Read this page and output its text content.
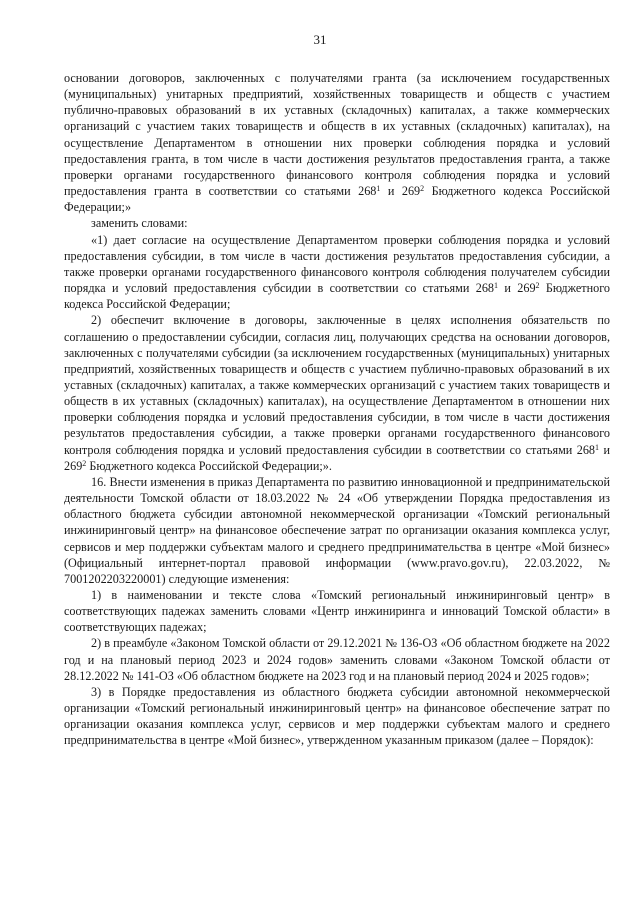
31

основании договоров, заключенных с получателями гранта (за исключением государственных (муниципальных) унитарных предприятий, хозяйственных товариществ и обществ с участием публично-правовых образований в их уставных (складочных) капиталах, а также коммерческих организаций с участием таких товариществ и обществ в их уставных (складочных) капиталах), на осуществление Департаментом в отношении них проверки соблюдения порядка и условий предоставления гранта, в том числе в части достижения результатов предоставления гранта, а также проверки органами государственного финансового контроля соблюдения порядка и условий предоставления гранта в соответствии со статьями $268^1$ и $269^2$ Бюджетного кодекса Российской Федерации;»

заменить словами:

«1) дает согласие на осуществление Департаментом проверки соблюдения порядка и условий предоставления субсидии, в том числе в части достижения результатов предоставления субсидии, а также проверки органами государственного финансового контроля соблюдения получателем субсидии порядка и условий предоставления субсидии в соответствии со статьями $268^1$ и $269^2$ Бюджетного кодекса Российской Федерации;

2) обеспечит включение в договоры, заключенные в целях исполнения обязательств по соглашению о предоставлении субсидии, согласия лиц, получающих средства на основании договоров, заключенных с получателями субсидии (за исключением государственных (муниципальных) унитарных предприятий, хозяйственных товариществ и обществ с участием публично-правовых образований в их уставных (складочных) капиталах, а также коммерческих организаций с участием таких товариществ и обществ в их уставных (складочных) капиталах), на осуществление Департаментом в отношении них проверки соблюдения порядка и условий предоставления субсидии, в том числе в части достижения результатов предоставления субсидии, а также проверки органами государственного финансового контроля соблюдения порядка и условий предоставления субсидии в соответствии со статьями $268^1$ и $269^2$ Бюджетного кодекса Российской Федерации;».

16. Внести изменения в приказ Департамента по развитию инновационной и предпринимательской деятельности Томской области от 18.03.2022 № 24 «Об утверждении Порядка предоставления из областного бюджета субсидии автономной некоммерческой организации «Томский региональный инжиниринговый центр» на финансовое обеспечение затрат по организации оказания комплекса услуг, сервисов и мер поддержки субъектам малого и среднего предпринимательства в центре «Мой бизнес» (Официальный интернет-портал правовой информации (www.pravo.gov.ru), 22.03.2022, № 7001202203220001) следующие изменения:

1) в наименовании и тексте слова «Томский региональный инжиниринговый центр» в соответствующих падежах заменить словами «Центр инжиниринга и инноваций Томской области» в соответствующих падежах;

2) в преамбуле «Законом Томской области от 29.12.2021 № 136-ОЗ «Об областном бюджете на 2022 год и на плановый период 2023 и 2024 годов» заменить словами «Законом Томской области от 28.12.2022 № 141-ОЗ «Об областном бюджете на 2023 год и на плановый период 2024 и 2025 годов»;

3) в Порядке предоставления из областного бюджета субсидии автономной некоммерческой организации «Томский региональный инжиниринговый центр» на финансовое обеспечение затрат по организации оказания комплекса услуг, сервисов и мер поддержки субъектам малого и среднего предпринимательства в центре «Мой бизнес», утвержденном указанным приказом (далее – Порядок):
